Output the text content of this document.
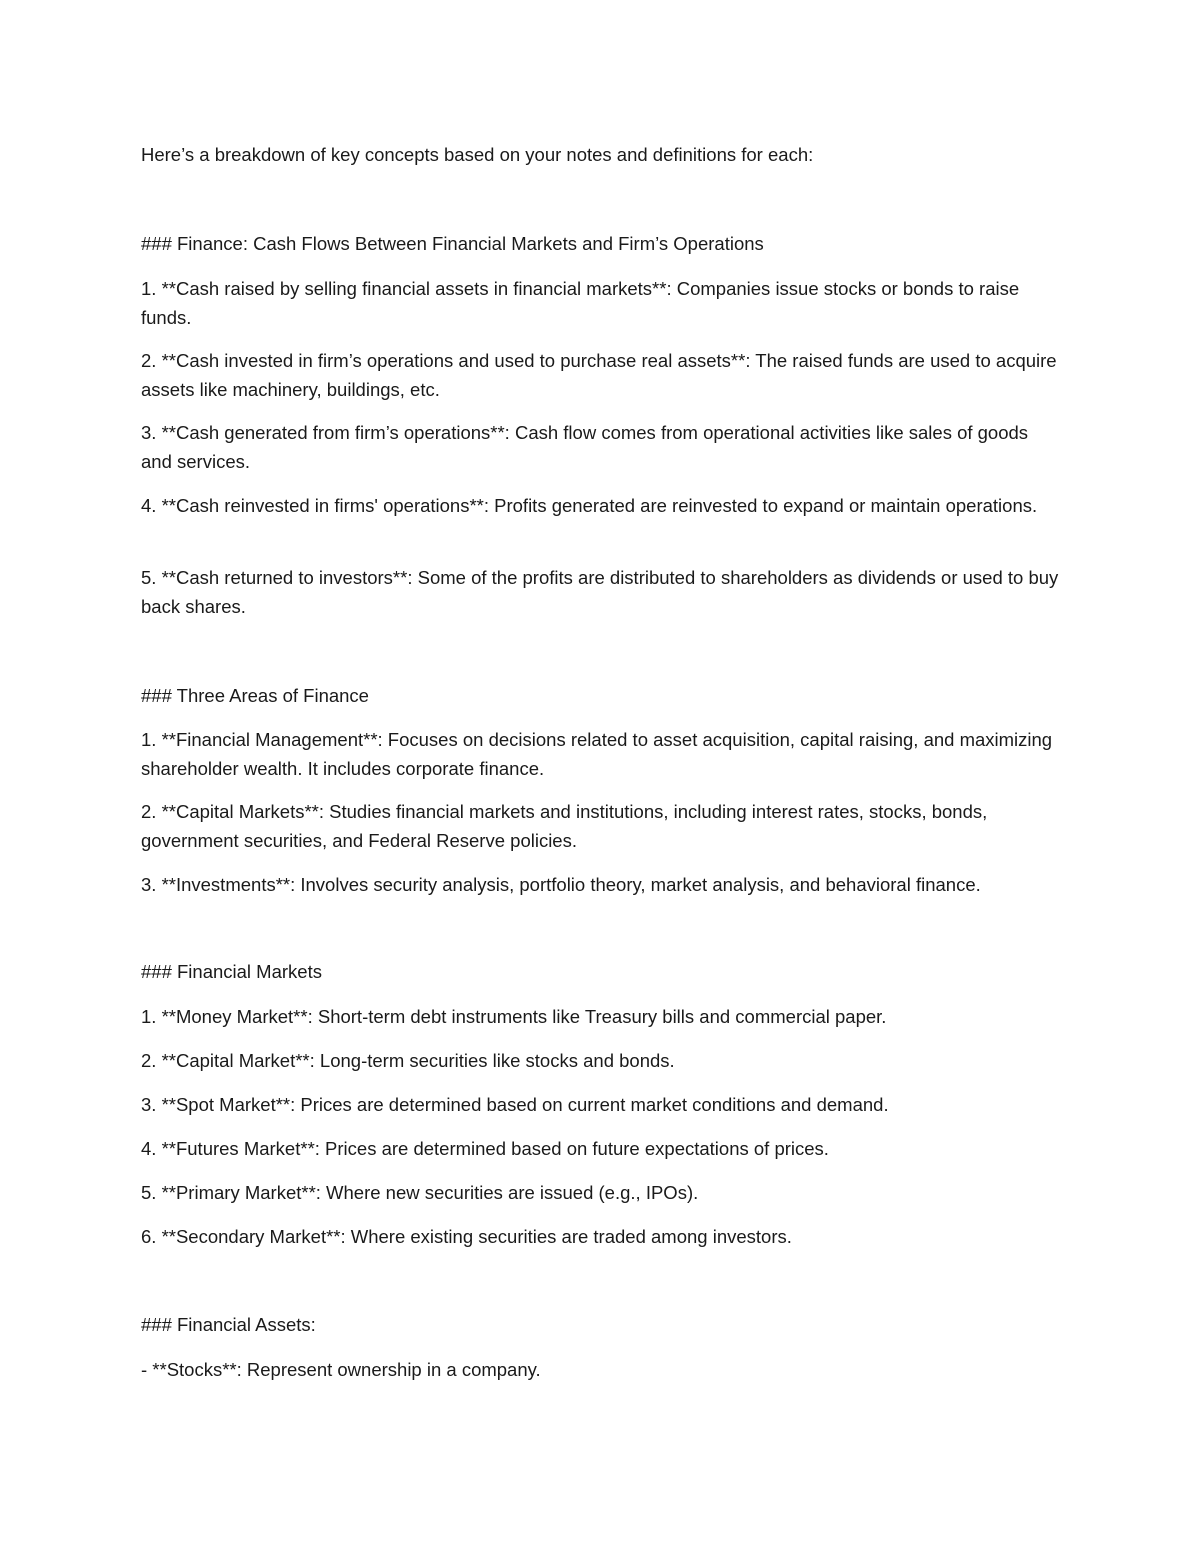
Here’s a breakdown of key concepts based on your notes and definitions for each:

### Finance: Cash Flows Between Financial Markets and Firm’s Operations

1. **Cash raised by selling financial assets in financial markets**: Companies issue stocks or bonds to raise funds.

2. **Cash invested in firm’s operations and used to purchase real assets**: The raised funds are used to acquire assets like machinery, buildings, etc.

3. **Cash generated from firm’s operations**: Cash flow comes from operational activities like sales of goods and services.

4. **Cash reinvested in firms' operations**: Profits generated are reinvested to expand or maintain operations.

5. **Cash returned to investors**: Some of the profits are distributed to shareholders as dividends or used to buy back shares.

### Three Areas of Finance

1. **Financial Management**: Focuses on decisions related to asset acquisition, capital raising, and maximizing shareholder wealth. It includes corporate finance.

2. **Capital Markets**: Studies financial markets and institutions, including interest rates, stocks, bonds, government securities, and Federal Reserve policies.

3. **Investments**: Involves security analysis, portfolio theory, market analysis, and behavioral finance.

### Financial Markets

1. **Money Market**: Short-term debt instruments like Treasury bills and commercial paper.

2. **Capital Market**: Long-term securities like stocks and bonds.

3. **Spot Market**: Prices are determined based on current market conditions and demand.

4. **Futures Market**: Prices are determined based on future expectations of prices.

5. **Primary Market**: Where new securities are issued (e.g., IPOs).

6. **Secondary Market**: Where existing securities are traded among investors.

### Financial Assets:

- **Stocks**: Represent ownership in a company.
